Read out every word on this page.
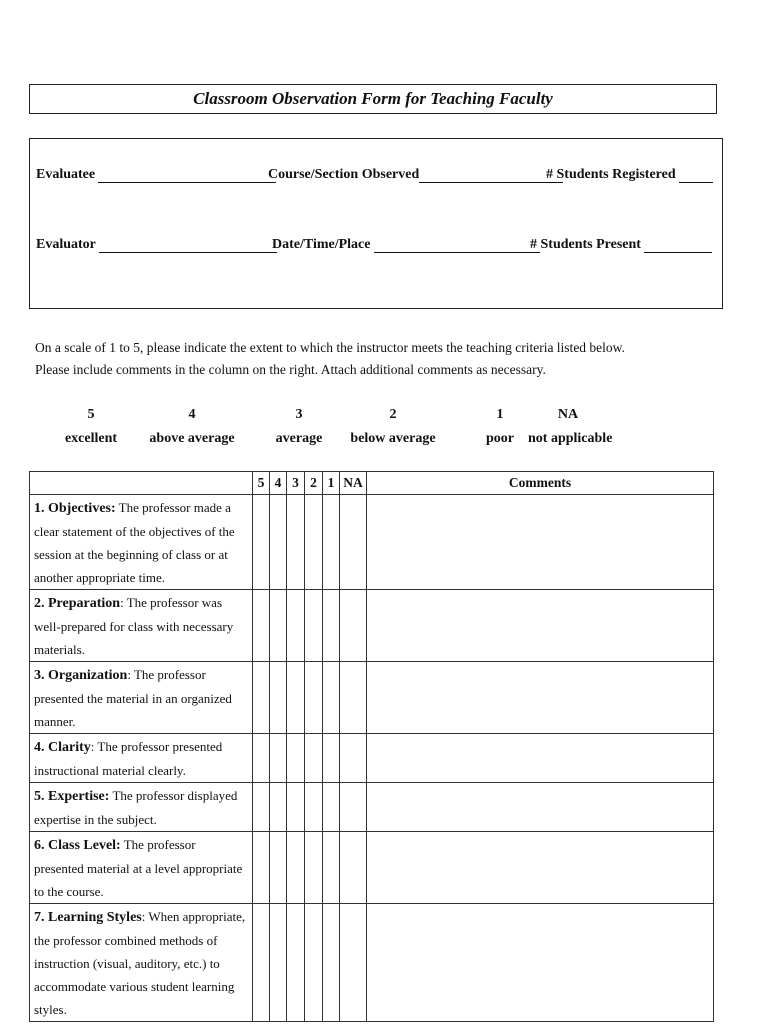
Classroom Observation Form for Teaching Faculty
Evaluatee	Course/Section Observed	# Students Registered
Evaluator	Date/Time/Place	# Students Present
On a scale of 1 to 5, please indicate the extent to which the instructor meets the teaching criteria listed below.
Please include comments in the column on the right. Attach additional comments as necessary.
5
excellent
4
above average
3
average
2
below average
1
poor
NA
not applicable
	5	4	3	2	1	NA	Comments
1. Objectives: The professor made a clear statement of the objectives of the session at the beginning of class or at another appropriate time.							
2. Preparation: The professor was well-prepared for class with necessary materials.							
3. Organization: The professor presented the material in an organized manner.							
4. Clarity: The professor presented instructional material clearly.							
5. Expertise: The professor displayed expertise in the subject.							
6. Class Level: The professor presented material at a level appropriate to the course.							
7. Learning Styles: When appropriate, the professor combined methods of instruction (visual, auditory, etc.) to accommodate various student learning styles.							
